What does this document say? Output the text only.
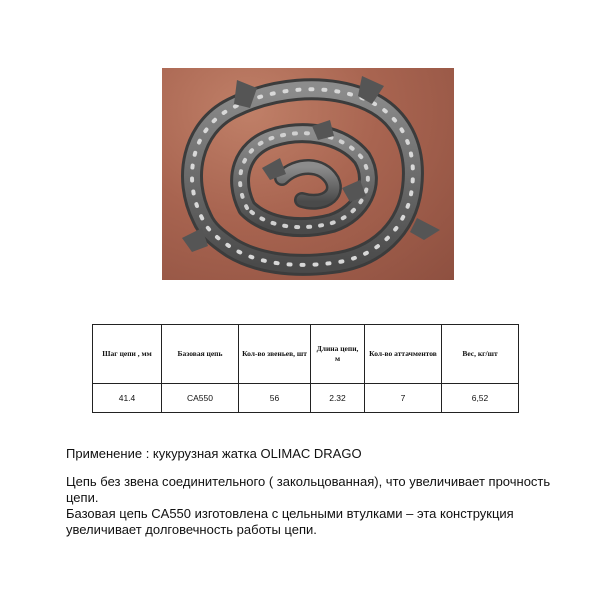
Шаг цепи , мм	Базовая цепь	Кол-во звеньев, шт	Длина цепи, м	Кол-во аттачментов	Вес, кг/шт
41.4	CA550	56	2.32	7	6,52

Применение : кукурузная жатка OLIMAC DRAGO

Цепь без звена соединительного ( закольцованная), что увеличивает прочность
цепи.
Базовая цепь CA550 изготовлена с цельными втулками – эта конструкция
увеличивает долговечность работы цепи.
